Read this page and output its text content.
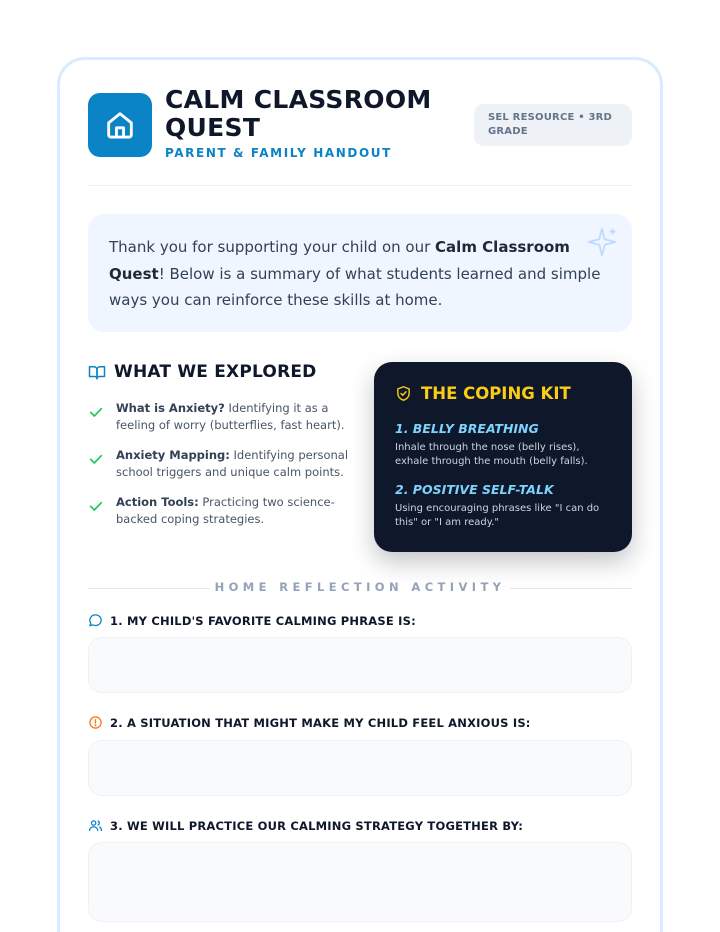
CALM CLASSROOM QUEST
PARENT & FAMILY HANDOUT
SEL RESOURCE • 3RD GRADE
Thank you for supporting your child on our Calm Classroom Quest! Below is a summary of what students learned and simple ways you can reinforce these skills at home.
WHAT WE EXPLORED
What is Anxiety? Identifying it as a feeling of worry (butterflies, fast heart).
Anxiety Mapping: Identifying personal school triggers and unique calm points.
Action Tools: Practicing two science-backed coping strategies.
THE COPING KIT
1. BELLY BREATHING
Inhale through the nose (belly rises), exhale through the mouth (belly falls).
2. POSITIVE SELF-TALK
Using encouraging phrases like "I can do this" or "I am ready."
HOME REFLECTION ACTIVITY
1. MY CHILD'S FAVORITE CALMING PHRASE IS:
2. A SITUATION THAT MIGHT MAKE MY CHILD FEEL ANXIOUS IS:
3. WE WILL PRACTICE OUR CALMING STRATEGY TOGETHER BY:
